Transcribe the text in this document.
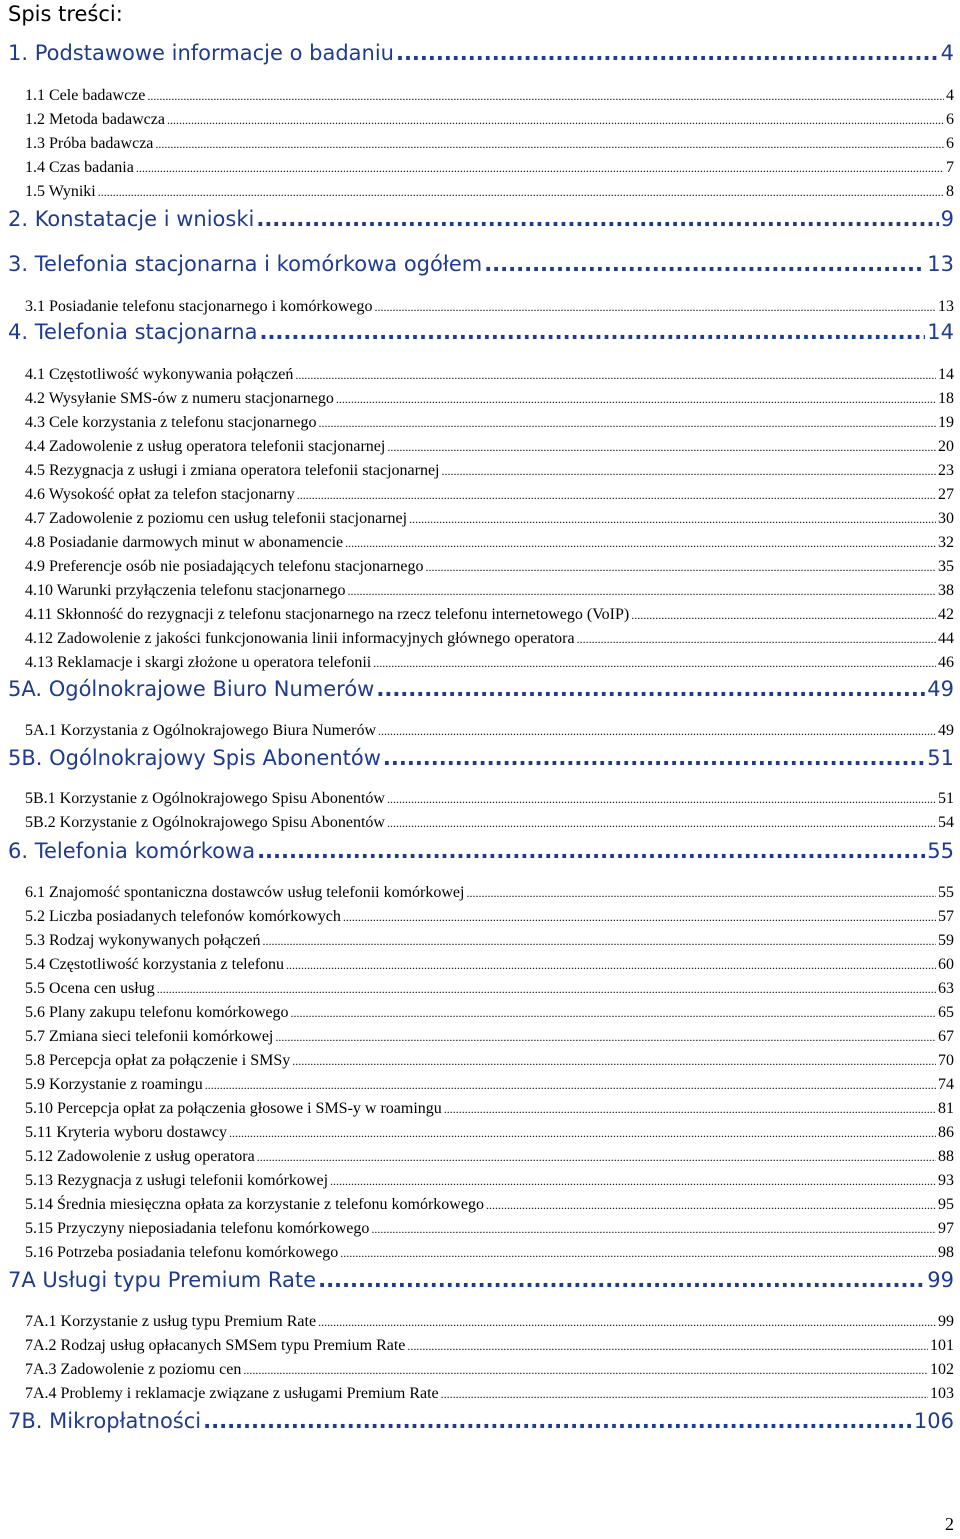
Spis treści:
1. Podstawowe informacje o badaniu .....	4
1.1 Cele badawcze .....	4
1.2 Metoda badawcza .....	6
1.3 Próba badawcza .....	6
1.4 Czas badania .....	7
1.5 Wyniki .....	8
2. Konstatacje i wnioski .....	9
3. Telefonia stacjonarna i komórkowa ogółem .....	13
3.1 Posiadanie telefonu stacjonarnego i komórkowego .....	13
4. Telefonia stacjonarna .....	14
4.1 Częstotliwość wykonywania połączeń .....	14
4.2 Wysyłanie SMS-ów z numeru stacjonarnego .....	18
4.3 Cele korzystania z telefonu stacjonarnego .....	19
4.4 Zadowolenie z usług operatora telefonii stacjonarnej .....	20
4.5 Rezygnacja z usługi i zmiana operatora telefonii stacjonarnej .....	23
4.6 Wysokość opłat za telefon stacjonarny .....	27
4.7 Zadowolenie z poziomu cen usług telefonii stacjonarnej .....	30
4.8 Posiadanie darmowych minut w abonamencie .....	32
4.9 Preferencje osób nie posiadających telefonu stacjonarnego .....	35
4.10 Warunki przyłączenia telefonu stacjonarnego .....	38
4.11 Skłonność do rezygnacji z telefonu stacjonarnego na rzecz telefonu internetowego (VoIP) .....	42
4.12 Zadowolenie z jakości funkcjonowania linii informacyjnych głównego operatora .....	44
4.13 Reklamacje i skargi złożone u operatora telefonii .....	46
5A. Ogólnokrajowe Biuro Numerów .....	49
5A.1 Korzystania z Ogólnokrajowego Biura Numerów .....	49
5B. Ogólnokrajowy Spis Abonentów .....	51
5B.1 Korzystanie z Ogólnokrajowego Spisu Abonentów .....	51
5B.2 Korzystanie z Ogólnokrajowego Spisu Abonentów .....	54
6. Telefonia komórkowa .....	55
6.1 Znajomość spontaniczna dostawców usług telefonii komórkowej .....	55
5.2 Liczba posiadanych telefonów komórkowych .....	57
5.3 Rodzaj wykonywanych połączeń .....	59
5.4 Częstotliwość korzystania z telefonu .....	60
5.5 Ocena cen usług .....	63
5.6 Plany zakupu telefonu komórkowego .....	65
5.7 Zmiana sieci telefonii komórkowej .....	67
5.8 Percepcja opłat za połączenie i SMSy .....	70
5.9 Korzystanie z roamingu .....	74
5.10 Percepcja opłat za połączenia głosowe i SMS-y w roamingu .....	81
5.11 Kryteria wyboru dostawcy .....	86
5.12 Zadowolenie z usług operatora .....	88
5.13 Rezygnacja z usługi telefonii komórkowej .....	93
5.14 Średnia miesięczna opłata za korzystanie z telefonu komórkowego .....	95
5.15 Przyczyny nieposiadania telefonu komórkowego .....	97
5.16 Potrzeba posiadania telefonu komórkowego .....	98
7A Usługi typu Premium Rate .....	99
7A.1 Korzystanie z usług typu Premium Rate .....	99
7A.2 Rodzaj usług opłacanych SMSem typu Premium Rate .....	101
7A.3 Zadowolenie z poziomu cen .....	102
7A.4 Problemy i reklamacje związane z usługami Premium Rate .....	103
7B. Mikropłatności .....	106
2
